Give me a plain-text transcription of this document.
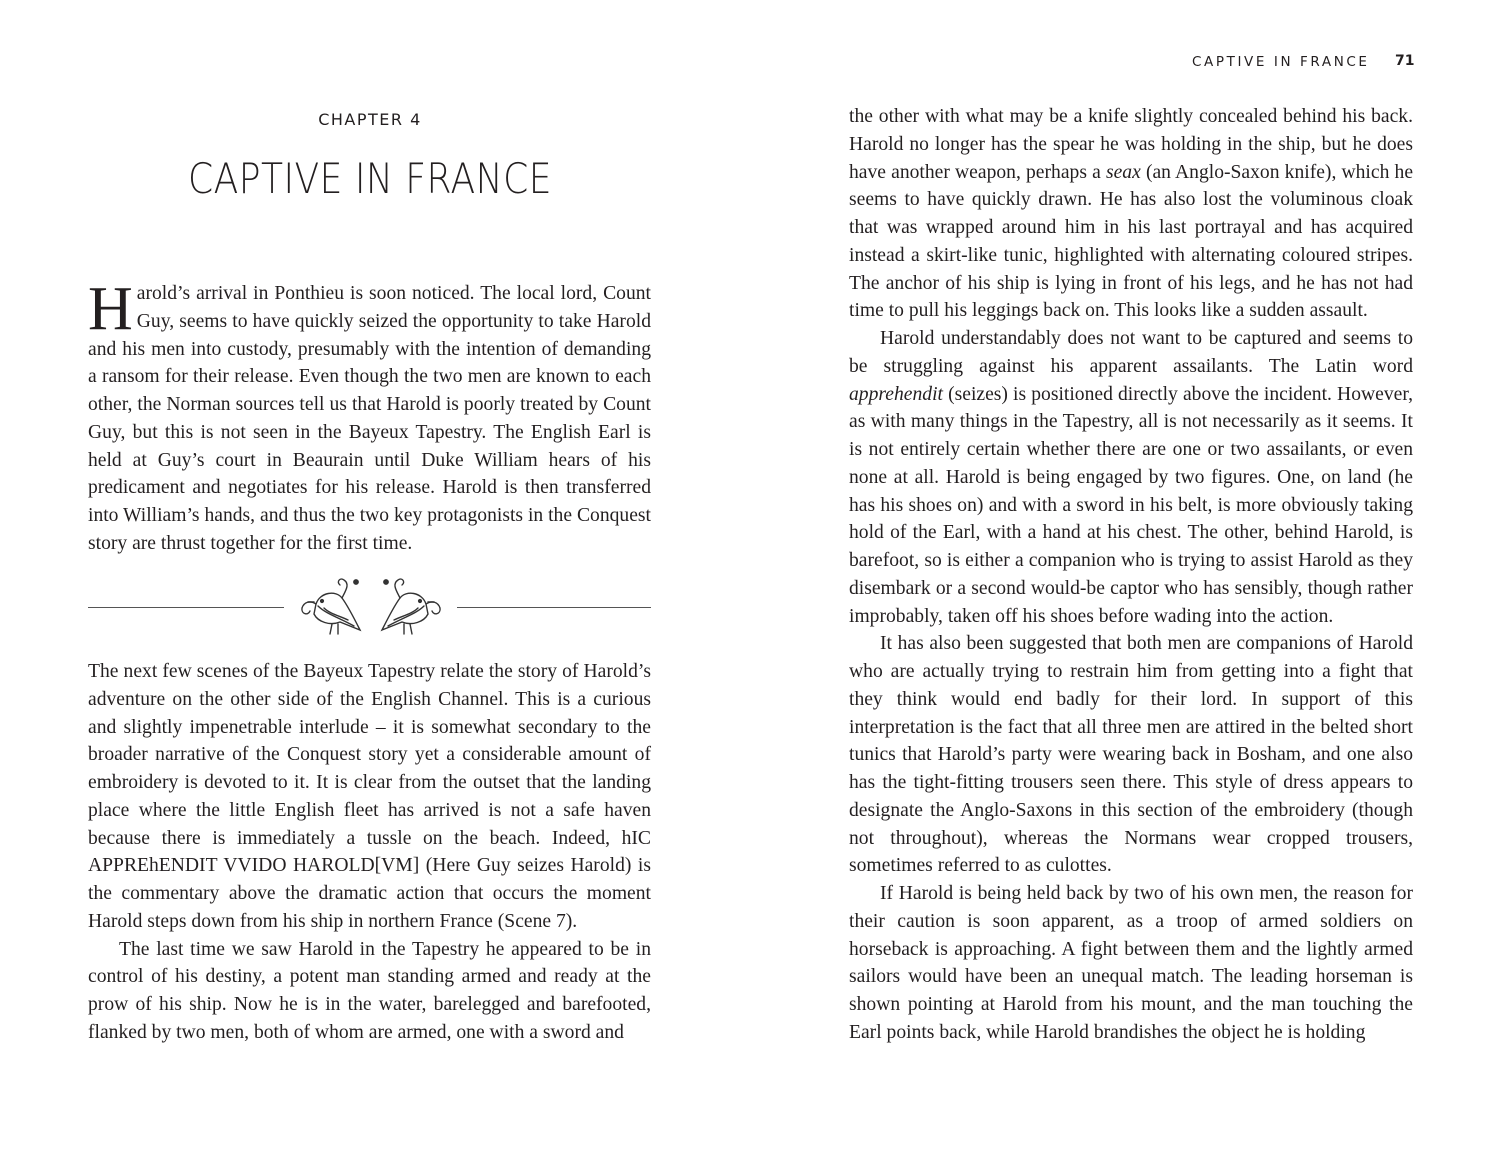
CHAPTER 4
CAPTIVE IN FRANCE

Harold’s arrival in Ponthieu is soon noticed. The local lord, Count Guy, seems to have quickly seized the opportunity to take Harold and his men into custody, presumably with the intention of demanding a ransom for their release. Even though the two men are known to each other, the Norman sources tell us that Harold is poorly treated by Count Guy, but this is not seen in the Bayeux Tapestry. The English Earl is held at Guy’s court in Beaurain until Duke William hears of his predicament and negotiates for his release. Harold is then transferred into William’s hands, and thus the two key protagonists in the Conquest story are thrust together for the first time.

The next few scenes of the Bayeux Tapestry relate the story of Harold’s adventure on the other side of the English Channel. This is a curious and slightly impenetrable interlude – it is somewhat secondary to the broader narrative of the Conquest story yet a considerable amount of embroidery is devoted to it. It is clear from the outset that the landing place where the little English fleet has arrived is not a safe haven because there is immediately a tussle on the beach. Indeed, hIC APPREhENDIT VVIDO HAROLD[VM] (Here Guy seizes Harold) is the commentary above the dramatic action that occurs the moment Harold steps down from his ship in northern France (Scene 7).

The last time we saw Harold in the Tapestry he appeared to be in control of his destiny, a potent man standing armed and ready at the prow of his ship. Now he is in the water, barelegged and barefooted, flanked by two men, both of whom are armed, one with a sword and

CAPTIVE IN FRANCE 71

the other with what may be a knife slightly concealed behind his back. Harold no longer has the spear he was holding in the ship, but he does have another weapon, perhaps a seax (an Anglo-Saxon knife), which he seems to have quickly drawn. He has also lost the voluminous cloak that was wrapped around him in his last portrayal and has acquired instead a skirt-like tunic, highlighted with alternating coloured stripes. The anchor of his ship is lying in front of his legs, and he has not had time to pull his leggings back on. This looks like a sudden assault.

Harold understandably does not want to be captured and seems to be struggling against his apparent assailants. The Latin word apprehendit (seizes) is positioned directly above the incident. However, as with many things in the Tapestry, all is not necessarily as it seems. It is not entirely certain whether there are one or two assailants, or even none at all. Harold is being engaged by two figures. One, on land (he has his shoes on) and with a sword in his belt, is more obviously taking hold of the Earl, with a hand at his chest. The other, behind Harold, is barefoot, so is either a companion who is trying to assist Harold as they disembark or a second would-be captor who has sensibly, though rather improbably, taken off his shoes before wading into the action.

It has also been suggested that both men are companions of Harold who are actually trying to restrain him from getting into a fight that they think would end badly for their lord. In support of this interpretation is the fact that all three men are attired in the belted short tunics that Harold’s party were wearing back in Bosham, and one also has the tight-fitting trousers seen there. This style of dress appears to designate the Anglo-Saxons in this section of the embroidery (though not throughout), whereas the Normans wear cropped trousers, sometimes referred to as culottes.

If Harold is being held back by two of his own men, the reason for their caution is soon apparent, as a troop of armed soldiers on horseback is approaching. A fight between them and the lightly armed sailors would have been an unequal match. The leading horseman is shown pointing at Harold from his mount, and the man touching the Earl points back, while Harold brandishes the object he is holding
